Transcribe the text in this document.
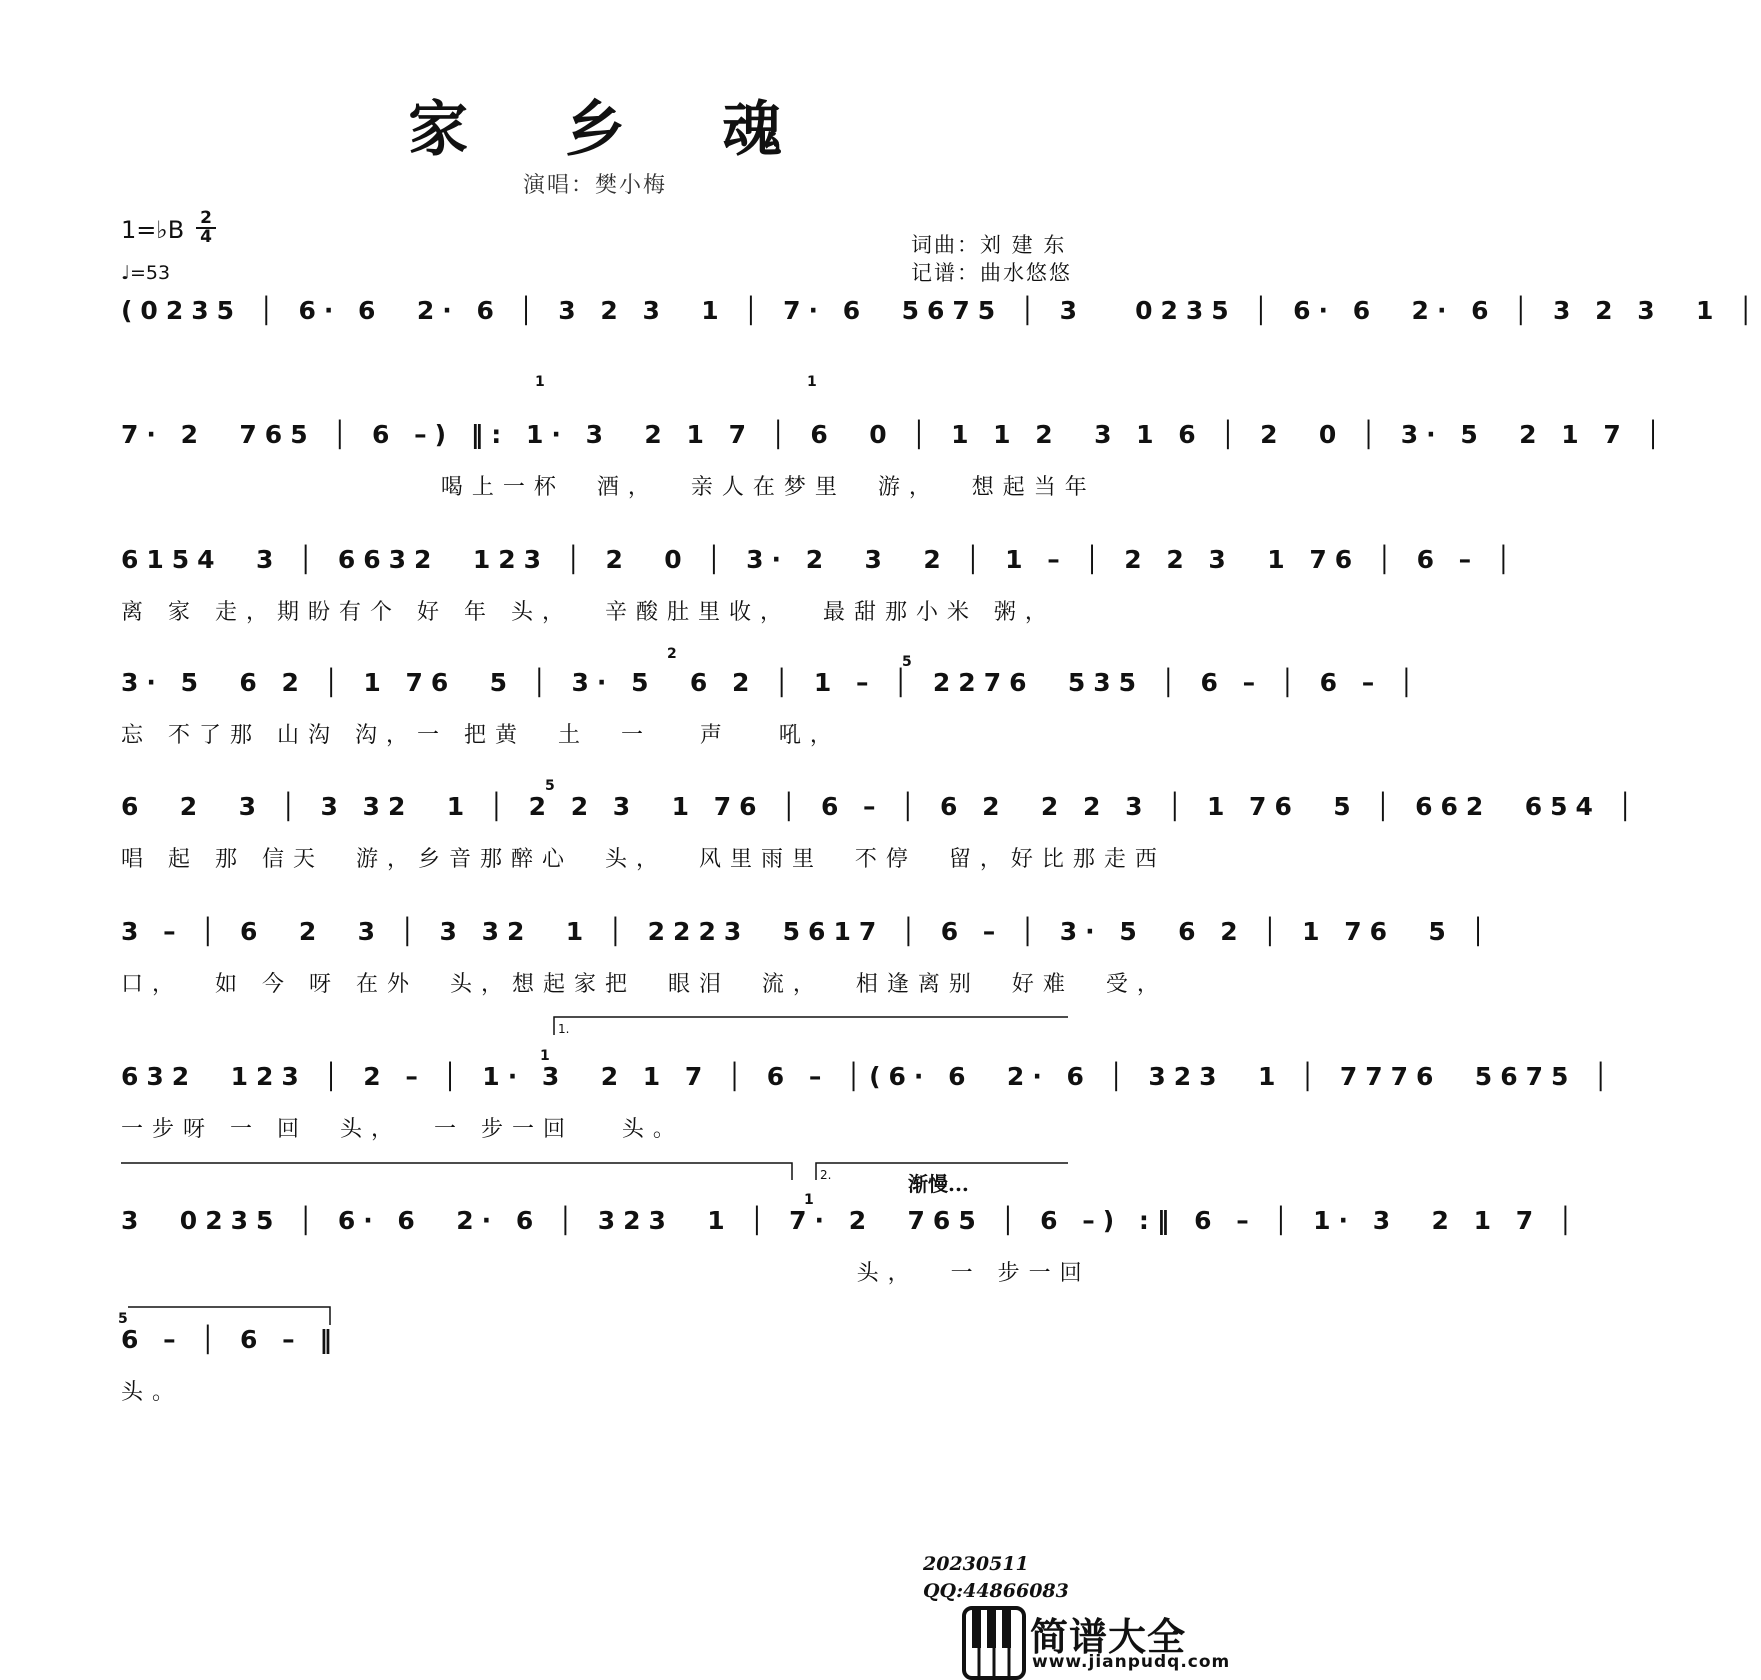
家 乡 魂
演唱：樊小梅
1=♭B 2
4
♩=53
词曲：刘 建 东
记谱：曲水悠悠
(0235 │ 6· 6  2· 6 │ 3 2 3  1 │ 7· 6  5675 │ 3   0235 │ 6· 6  2· 6 │ 3 2 3  1 │
1	1
7· 2  765 │ 6 –) ‖: 1· 3  2 1 7 │ 6  0 │ 1 1 2  3 1 6 │ 2  0 │ 3· 5  2 1 7 │
喝上一杯  酒，  亲人在梦里  游，  想起当年
6154  3 │ 6632  123 │ 2  0 │ 3· 2  3  2 │ 1 – │ 2 2 3  1 76 │ 6 – │
离 家 走，期盼有个 好 年 头，  辛酸肚里收，  最甜那小米 粥，
3· 5  6 2 │ 1 76  5 │ 3· 5  6 2 │ 1 – │ 2276  535 │ 6 – │ 6 – │
2	5
忘 不了那 山沟 沟，一 把黄  土  一   声   吼，
6  2  3 │ 3 32  1 │ 2 2 3  1 76 │ 6 – │ 6 2  2 2 3 │ 1 76  5 │ 662  654 │
5
唱 起 那 信天  游，乡音那醉心  头，  风里雨里  不停  留，好比那走西
3 – │ 6  2  3 │ 3 32  1 │ 2223  5617 │ 6 – │ 3· 5  6 2 │ 1 76  5 │
口，  如 今 呀 在外  头，想起家把  眼泪  流，  相逢离别  好难  受，
632  123 │ 2 – │ 1· 3  2 1 7 │ 6 – │(6· 6  2· 6 │ 323  1 │ 7776  5675 │
1
一步呀 一 回  头，  一 步一回   头。
3  0235 │ 6· 6  2· 6 │ 323  1 │ 7· 2  765 │ 6 –) :‖ 6 – │ 1· 3  2 1 7 │
1
头，  一 步一回
6 – │ 6 – ‖
5
头。
1.
2.	渐慢...
20230511
QQ:44866083
简谱大全
www.jianpudq.com
